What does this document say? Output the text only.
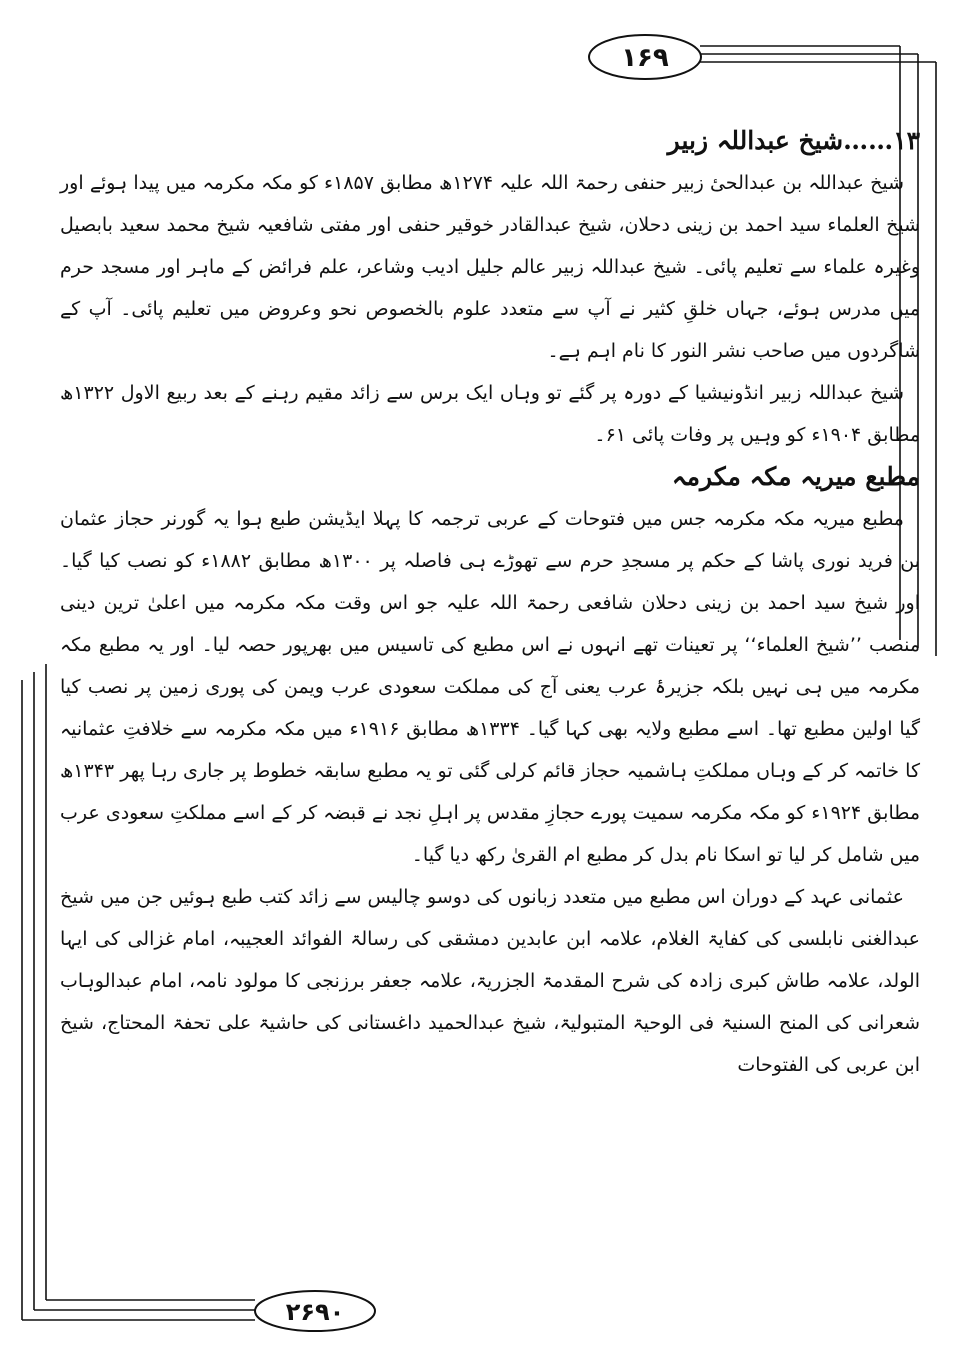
۱۶۹
۲۶۹۰
۱۳……شیخ عبداللہ زبیر

شیخ عبداللہ بن عبدالحیٔ زبیر حنفی رحمۃ اللہ علیہ ۱۲۷۴ھ مطابق ۱۸۵۷ء کو مکہ مکرمہ میں پیدا ہوئے اور شیخ العلماء سید احمد بن زینی دحلان، شیخ عبدالقادر خوقیر حنفی اور مفتی شافعیہ شیخ محمد سعید بابصیل وغیرہ علماء سے تعلیم پائی۔ شیخ عبداللہ زبیر عالم جلیل ادیب وشاعر، علم فرائض کے ماہر اور مسجد حرم میں مدرس ہوئے، جہاں خلقِ کثیر نے آپ سے متعدد علوم بالخصوص نحو وعروض میں تعلیم پائی۔ آپ کے شاگردوں میں صاحب نشر النور کا نام اہم ہے۔

شیخ عبداللہ زبیر انڈونیشیا کے دورہ پر گئے تو وہاں ایک برس سے زائد مقیم رہنے کے بعد ربیع الاول ۱۳۲۲ھ مطابق ۱۹۰۴ء کو وہیں پر وفات پائی ۶۱۔

مطبع میریہ مکہ مکرمہ

مطبع میریہ مکہ مکرمہ جس میں فتوحات کے عربی ترجمہ کا پہلا ایڈیشن طبع ہوا یہ گورنر حجاز عثمان بن فرید نوری پاشا کے حکم پر مسجدِ حرم سے تھوڑے ہی فاصلہ پر ۱۳۰۰ھ مطابق ۱۸۸۲ء کو نصب کیا گیا۔ اور شیخ سید احمد بن زینی دحلان شافعی رحمۃ اللہ علیہ جو اس وقت مکہ مکرمہ میں اعلیٰ ترین دینی منصب ’’شیخ العلماء‘‘ پر تعینات تھے انہوں نے اس مطبع کی تاسیس میں بھرپور حصہ لیا۔ اور یہ مطبع مکہ مکرمہ میں ہی نہیں بلکہ جزیرۂ عرب یعنی آج کی مملکت سعودی عرب ویمن کی پوری زمین پر نصب کیا گیا اولین مطبع تھا۔ اسے مطبع ولایہ بھی کہا گیا۔ ۱۳۳۴ھ مطابق ۱۹۱۶ء میں مکہ مکرمہ سے خلافتِ عثمانیہ کا خاتمہ کر کے وہاں مملکتِ ہاشمیہ حجاز قائم کرلی گئی تو یہ مطبع سابقہ خطوط پر جاری رہا پھر ۱۳۴۳ھ مطابق ۱۹۲۴ء کو مکہ مکرمہ سمیت پورے حجازِ مقدس پر اہلِ نجد نے قبضہ کر کے اسے مملکتِ سعودی عرب میں شامل کر لیا تو اسکا نام بدل کر مطبع ام القریٰ رکھ دیا گیا۔

عثمانی عہد کے دوران اس مطبع میں متعدد زبانوں کی دوسو چالیس سے زائد کتب طبع ہوئیں جن میں شیخ عبدالغنی نابلسی کی کفایۃ الغلام، علامہ ابن عابدین دمشقی کی رسالۃ الفوائد العجیبہ، امام غزالی کی ایہا الولد، علامہ طاش کبری زادہ کی شرح المقدمۃ الجزریۃ، علامہ جعفر برزنجی کا مولود نامہ، امام عبدالوہاب شعرانی کی المنح السنیۃ فی الوحیۃ المتبولیۃ، شیخ عبدالحمید داغستانی کی حاشیۃ علی تحفۃ المحتاج، شیخ ابن عربی کی الفتوحات
